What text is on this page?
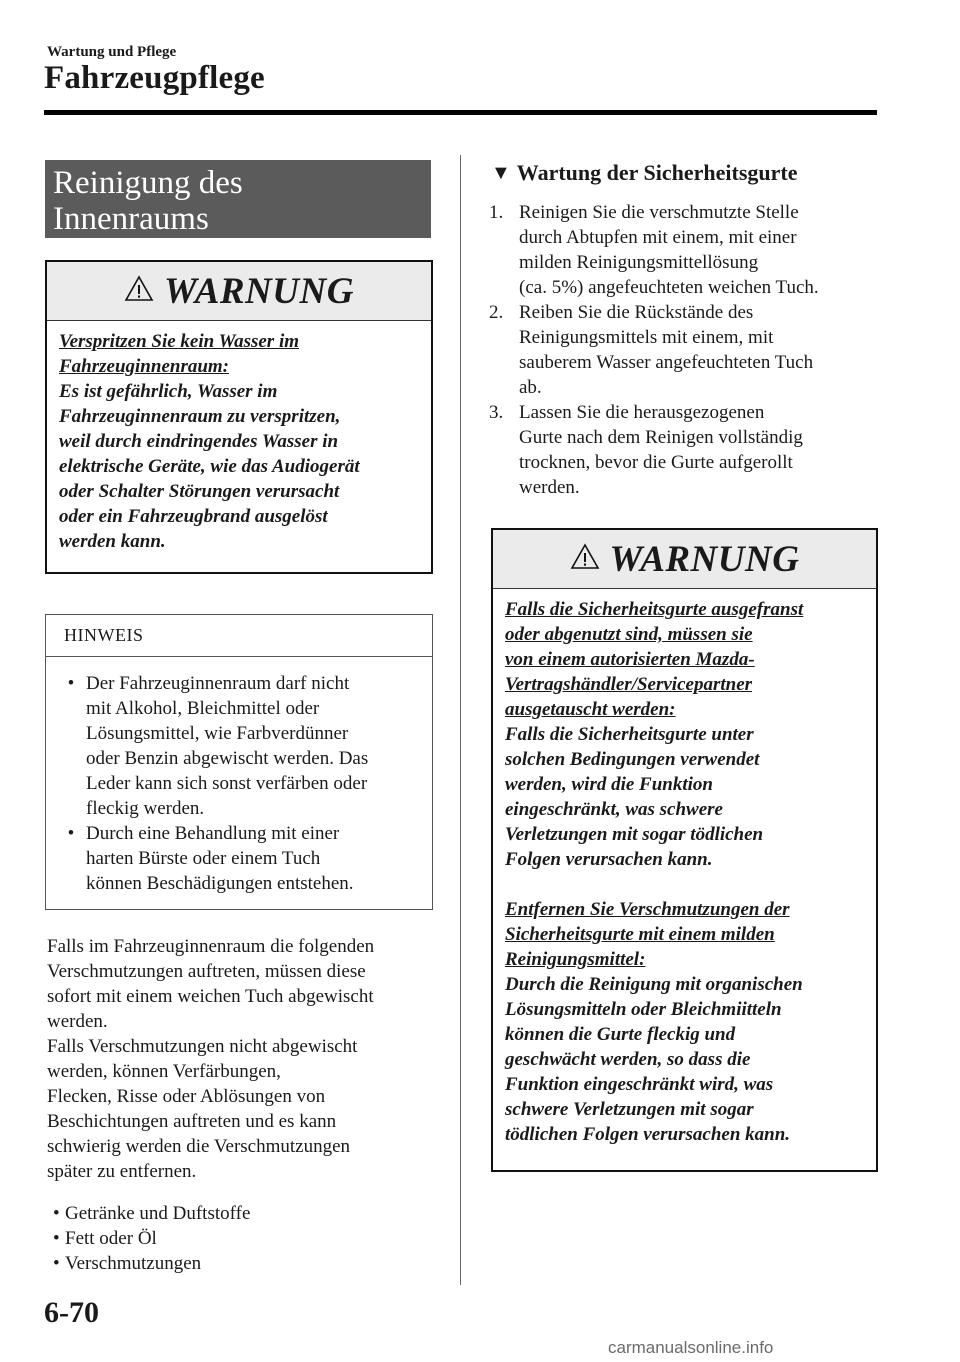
Wartung und Pflege
Fahrzeugpflege
Reinigung des
Innenraums
WARNUNG
Verspritzen Sie kein Wasser im
Fahrzeuginnenraum:
Es ist gefährlich, Wasser im
Fahrzeuginnenraum zu verspritzen,
weil durch eindringendes Wasser in
elektrische Geräte, wie das Audiogerät
oder Schalter Störungen verursacht
oder ein Fahrzeugbrand ausgelöst
werden kann.
HINWEIS
• Der Fahrzeuginnenraum darf nicht
mit Alkohol, Bleichmittel oder
Lösungsmittel, wie Farbverdünner
oder Benzin abgewischt werden. Das
Leder kann sich sonst verfärben oder
fleckig werden.
• Durch eine Behandlung mit einer
harten Bürste oder einem Tuch
können Beschädigungen entstehen.
Falls im Fahrzeuginnenraum die folgenden
Verschmutzungen auftreten, müssen diese
sofort mit einem weichen Tuch abgewischt
werden.
Falls Verschmutzungen nicht abgewischt
werden, können Verfärbungen,
Flecken, Risse oder Ablösungen von
Beschichtungen auftreten und es kann
schwierig werden die Verschmutzungen
später zu entfernen.
• Getränke und Duftstoffe
• Fett oder Öl
• Verschmutzungen
▼ Wartung der Sicherheitsgurte
1. Reinigen Sie die verschmutzte Stelle
durch Abtupfen mit einem, mit einer
milden Reinigungsmittellösung
(ca. 5%) angefeuchteten weichen Tuch.
2. Reiben Sie die Rückstände des
Reinigungsmittels mit einem, mit
sauberem Wasser angefeuchteten Tuch
ab.
3. Lassen Sie die herausgezogenen
Gurte nach dem Reinigen vollständig
trocknen, bevor die Gurte aufgerollt
werden.
WARNUNG
Falls die Sicherheitsgurte ausgefranst
oder abgenutzt sind, müssen sie
von einem autorisierten Mazda-
Vertragshändler/Servicepartner
ausgetauscht werden:
Falls die Sicherheitsgurte unter
solchen Bedingungen verwendet
werden, wird die Funktion
eingeschränkt, was schwere
Verletzungen mit sogar tödlichen
Folgen verursachen kann.
Entfernen Sie Verschmutzungen der
Sicherheitsgurte mit einem milden
Reinigungsmittel:
Durch die Reinigung mit organischen
Lösungsmitteln oder Bleichmiitteln
können die Gurte fleckig und
geschwächt werden, so dass die
Funktion eingeschränkt wird, was
schwere Verletzungen mit sogar
tödlichen Folgen verursachen kann.
6-70
carmanualsonline.info
